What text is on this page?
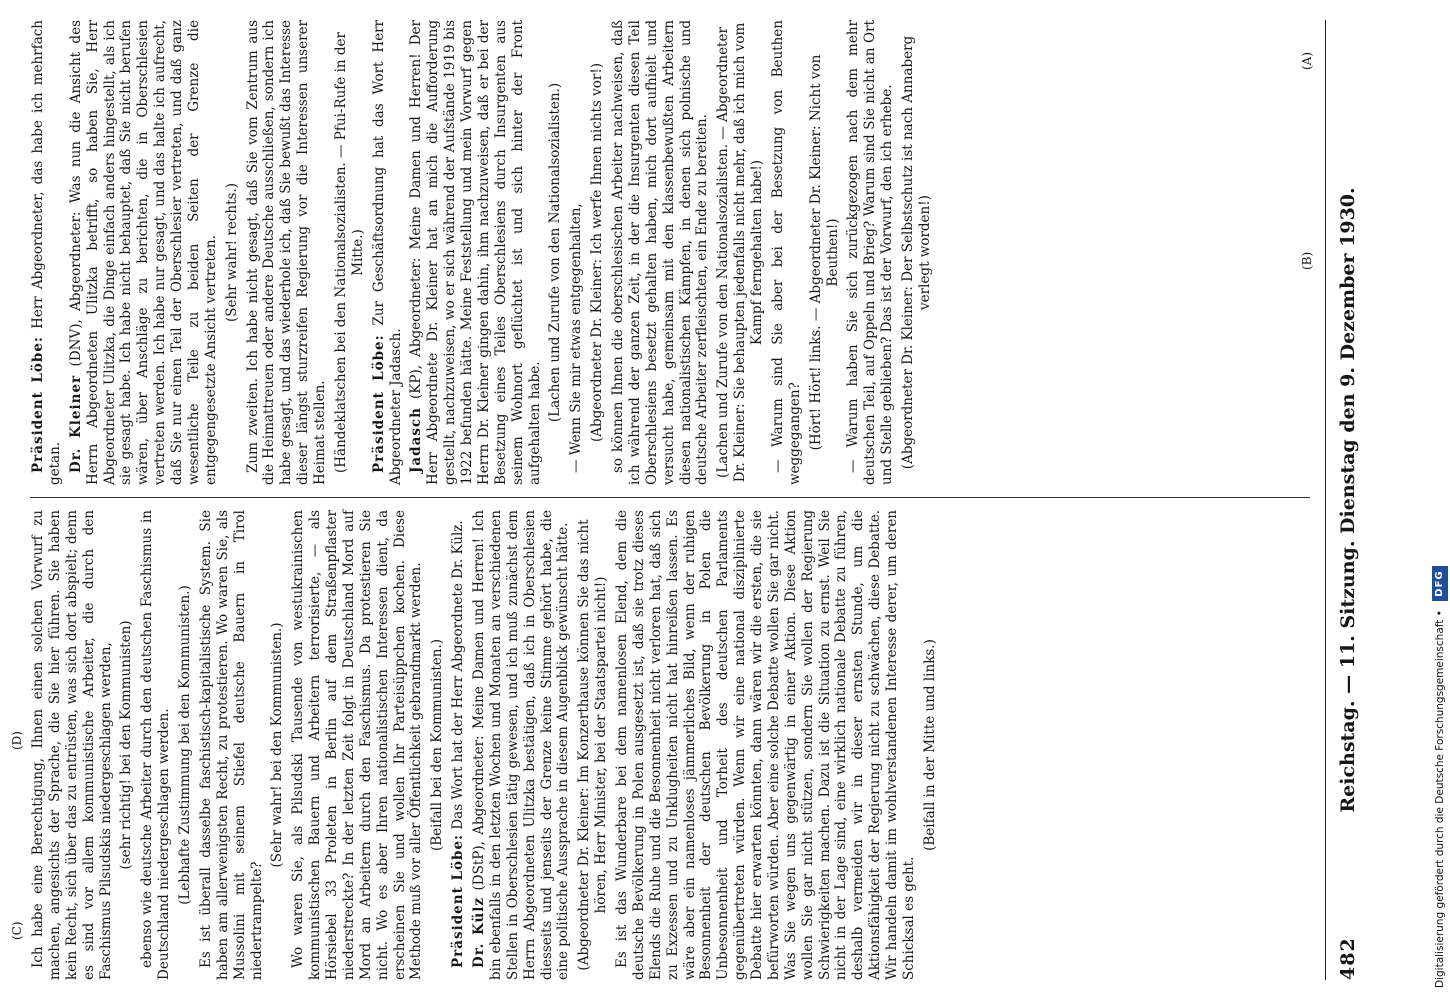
Digitalisierung gefördert durch die Deutsche Forschungsgemeinschaft • DFG
482
Reichstag. — 11. Sitzung. Dienstag den 9. Dezember 1930.
(A)
(B)
(C)
(D)

Präsident Löbe: Herr Abgeordneter, das habe ich mehrfach getan. Dr. Kleiner (DNV), Abgeordneter: Was nun die Ansicht des Herrn Abgeordneten Ulitzka betrifft, so haben Sie, Herr Abgeordneter Ulitzka, die Dinge einfach anders hingestellt, als ich sie gesagt habe. Ich habe nicht behauptet, daß Sie nicht berufen wären, über Anschläge zu berichten, die in Oberschlesien vertreten werden. Ich habe nur gesagt, und das halte ich aufrecht, daß Sie nur einen Teil der Oberschlesier vertreten, und daß ganz wesentliche Teile zu beiden Seiten der Grenze die entgegengesetzte Ansicht vertreten. (Sehr wahr! rechts.) Zum zweiten. Ich habe nicht gesagt, daß Sie vom Zentrum aus die Heimattreuen oder andere Deutsche ausschließen, sondern ich habe gesagt, und das wiederhole ich, daß Sie bewußt das Interesse dieser längst sturzreifen Regierung vor die Interessen unserer Heimat stellen. (Händeklatschen bei den Nationalsozialisten. — Pfui-Rufe in der Mitte.)

Präsident Löbe: Zur Geschäftsordnung hat das Wort Herr Abgeordneter Jadasch. Jadasch (KP), Abgeordneter: Meine Damen und Herren! Der Herr Abgeordnete Dr. Kleiner hat an mich die Aufforderung gestellt, nachzuweisen, wo er sich während der Aufstände 1919 bis 1922 befunden hätte. Meine Feststellung und mein Vorwurf gegen Herrn Dr. Kleiner gingen dahin, ihm nachzuweisen, daß er bei der Besetzung eines Teiles Oberschlesiens durch Insurgenten aus seinem Wohnort geflüchtet ist und sich hinter der Front aufgehalten habe.

(Lachen und Zurufe von den Nationalsozialisten.) — Wenn Sie mir etwas entgegenhalten, (Abgeordneter Dr. Kleiner: Ich werfe Ihnen nichts vor!) so können Ihnen die oberschlesischen Arbeiter nachweisen, daß ich während der ganzen Zeit, in der die Insurgenten diesen Teil Oberschlesiens besetzt gehalten haben, mich dort aufhielt und versucht habe, gemeinsam mit den klassenbewußten Arbeitern diesen nationalistischen Kämpfen, in denen sich polnische und deutsche Arbeiter zerfleischten, ein Ende zu bereiten. (Lachen und Zurufe von den Nationalsozialisten. — Abgeordneter Dr. Kleiner: Sie behaupten jedenfalls nicht mehr, daß ich mich vom Kampf ferngehalten habe!) — Warum sind Sie aber bei der Besetzung von Beuthen weggegangen? (Hört! Hört! links. — Abgeordneter Dr. Kleiner: Nicht von Beuthen!) — Warum haben Sie sich zurückgezogen nach dem mehr deutschen Teil, auf Oppeln und Brieg? Warum sind Sie nicht an Ort und Stelle geblieben? Das ist der Vorwurf, den ich erhebe. (Abgeordneter Dr. Kleiner: Der Selbstschutz ist nach Annaberg verlegt worden!)

Ich habe eine Berechtigung, Ihnen einen solchen Vorwurf zu machen, angesichts der Sprache, die Sie hier führen. Sie haben kein Recht, sich über das zu entrüsten, was sich dort abspielt; denn es sind vor allem kommunistische Arbeiter, die durch den Faschismus Pilsudskis niedergeschlagen werden, (sehr richtig! bei den Kommunisten) ebenso wie deutsche Arbeiter durch den deutschen Faschismus in Deutschland niedergeschlagen werden. (Lebhafte Zustimmung bei den Kommunisten.) Es ist überall dasselbe faschistisch-kapitalistische System. Sie haben am allerwenigsten Recht, zu protestieren. Wo waren Sie, als Mussolini mit seinem Stiefel deutsche Bauern in Tirol niedertrampelte?

(Sehr wahr! bei den Kommunisten.) Wo waren Sie, als Pilsudski Tausende von westukrainischen kommunistischen Bauern und Arbeitern terrorisierte, — als Hörsiebel 33 Proleten in Berlin auf dem Straßenpflaster niederstreckte? In der letzten Zeit folgt in Deutschland Mord auf Mord an Arbeitern durch den Faschismus. Da protestieren Sie nicht. Wo es aber Ihren nationalistischen Interessen dient, da erscheinen Sie und wollen Ihr Parteisüppchen kochen. Diese Methode muß vor aller Öffentlichkeit gebrandmarkt werden. (Beifall bei den Kommunisten.)

Präsident Löbe: Das Wort hat der Herr Abgeordnete Dr. Külz.

Dr. Külz (DStP), Abgeordneter: Meine Damen und Herren! Ich bin ebenfalls in den letzten Wochen und Monaten an verschiedenen Stellen in Oberschlesien tätig gewesen, und ich muß zunächst dem Herrn Abgeordneten Ulitzka bestätigen, daß ich in Oberschlesien diesseits und jenseits der Grenze keine Stimme gehört habe, die eine politische Aussprache in diesem Augenblick gewünscht hätte. (Abgeordneter Dr. Kleiner: Im Konzerthause können Sie das nicht hören, Herr Minister, bei der Staatspartei nicht!) Es ist das Wunderbare bei dem namenlosen Elend, dem die deutsche Bevölkerung in Polen ausgesetzt ist, daß sie trotz dieses Elends die Ruhe und die Besonnenheit nicht verloren hat, daß sich zu Exzessen und zu Unklugheiten nicht hat hinreißen lassen. Es wäre aber ein namenloses jämmerliches Bild, wenn der ruhigen Besonnenheit der deutschen Bevölkerung in Polen die Unbesonnenheit und Torheit des deutschen Parlaments gegenübertreten würden. Wenn wir eine national disziplinierte Debatte hier erwarten könnten, dann wären wir die ersten, die sie befürworten würden. Aber eine solche Debatte wollen Sie gar nicht. Was Sie wegen uns gegenwärtig in einer Aktion. Diese Aktion wollen Sie gar nicht stützen, sondern Sie wollen der Regierung Schwierigkeiten machen. Dazu ist die Situation zu ernst. Weil Sie nicht in der Lage sind, eine wirklich nationale Debatte zu führen, deshalb vermeiden wir in dieser ernsten Stunde, um die Aktionsfähigkeit der Regierung nicht zu schwächen, diese Debatte. Wir handeln damit im wohlverstandenen Interesse derer, um deren Schicksal es geht.

(Beifall in der Mitte und links.)
